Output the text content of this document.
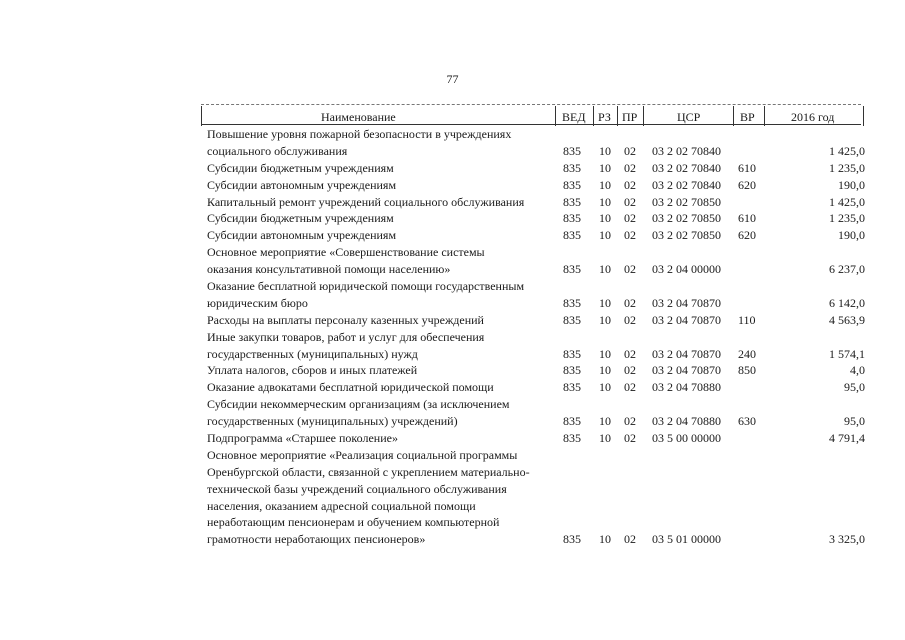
77
Наименование	ВЕД РЗ ПР	ЦСР	ВР	2016 год
Повышение уровня пожарной безопасности в учреждениях
социального обслуживания	835 10 02 03 2 02 70840	1 425,0
Субсидии бюджетным учреждениям	835 10 02 03 2 02 70840 610	1 235,0
Субсидии автономным учреждениям	835 10 02 03 2 02 70840 620	190,0
Капитальный ремонт учреждений социального обслуживания	835 10 02 03 2 02 70850	1 425,0
Субсидии бюджетным учреждениям	835 10 02 03 2 02 70850 610	1 235,0
Субсидии автономным учреждениям	835 10 02 03 2 02 70850 620	190,0
Основное мероприятие «Совершенствование системы
оказания консультативной помощи населению»	835 10 02 03 2 04 00000	6 237,0
Оказание бесплатной юридической помощи государственным
юридическим бюро	835 10 02 03 2 04 70870	6 142,0
Расходы на выплаты персоналу казенных учреждений	835 10 02 03 2 04 70870 110	4 563,9
Иные закупки товаров, работ и услуг для обеспечения
государственных (муниципальных) нужд	835 10 02 03 2 04 70870 240	1 574,1
Уплата налогов, сборов и иных платежей	835 10 02 03 2 04 70870 850	4,0
Оказание адвокатами бесплатной юридической помощи	835 10 02 03 2 04 70880	95,0
Субсидии некоммерческим организациям (за исключением
государственных (муниципальных) учреждений)	835 10 02 03 2 04 70880 630	95,0
Подпрограмма «Старшее поколение»	835 10 02 03 5 00 00000	4 791,4
Основное мероприятие «Реализация социальной программы
Оренбургской области, связанной с укреплением материально-
технической базы учреждений социального обслуживания
населения, оказанием адресной социальной помощи
неработающим пенсионерам и обучением компьютерной
грамотности неработающих пенсионеров»	835 10 02 03 5 01 00000	3 325,0
